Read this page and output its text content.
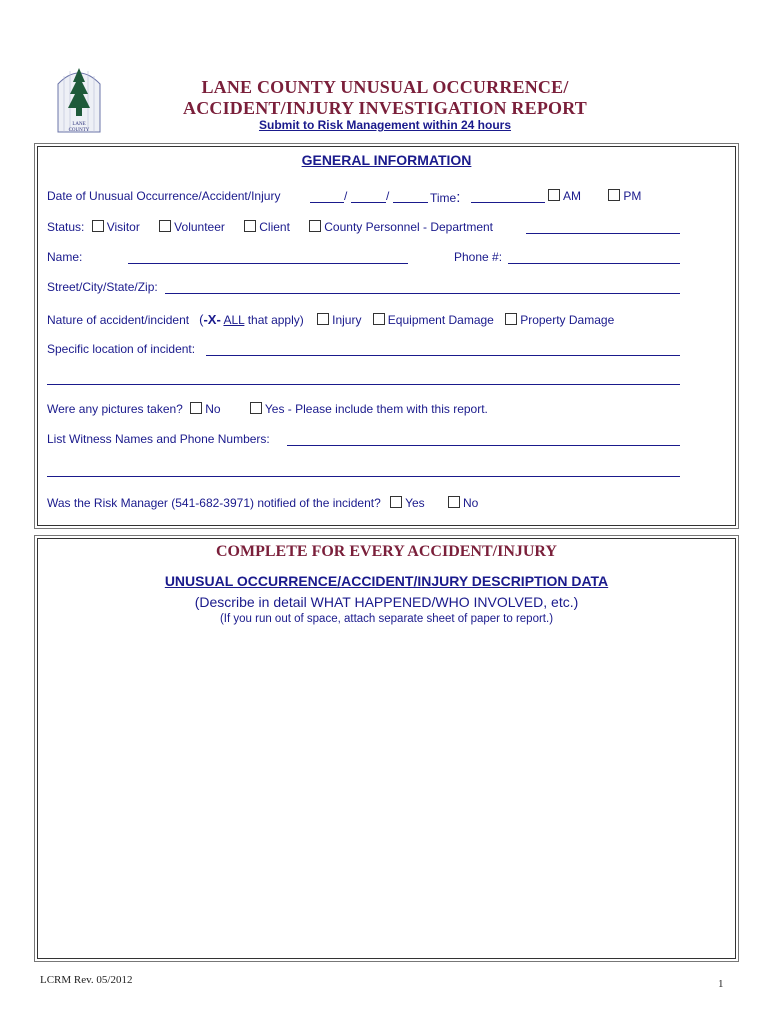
LANE
COUNTY
LANE COUNTY UNUSUAL OCCURRENCE/
ACCIDENT/INJURY INVESTIGATION REPORT
Submit to Risk Management within 24 hours
GENERAL INFORMATION
Date of Unusual Occurrence/Accident/Injury	/	/	Time:	AM	PM
Status: Visitor	Volunteer	Client	County Personnel - Department
Name:	Phone #:
Street/City/State/Zip:
Nature of accident/incident (-X- ALL that apply) Injury Equipment Damage Property Damage
Specific location of incident:
Were any pictures taken? No	Yes - Please include them with this report.
List Witness Names and Phone Numbers:
Was the Risk Manager (541-682-3971) notified of the incident? Yes	No
COMPLETE FOR EVERY ACCIDENT/INJURY
UNUSUAL OCCURRENCE/ACCIDENT/INJURY DESCRIPTION DATA
(Describe in detail WHAT HAPPENED/WHO INVOLVED, etc.)
(If you run out of space, attach separate sheet of paper to report.)
LCRM Rev. 05/2012	1
